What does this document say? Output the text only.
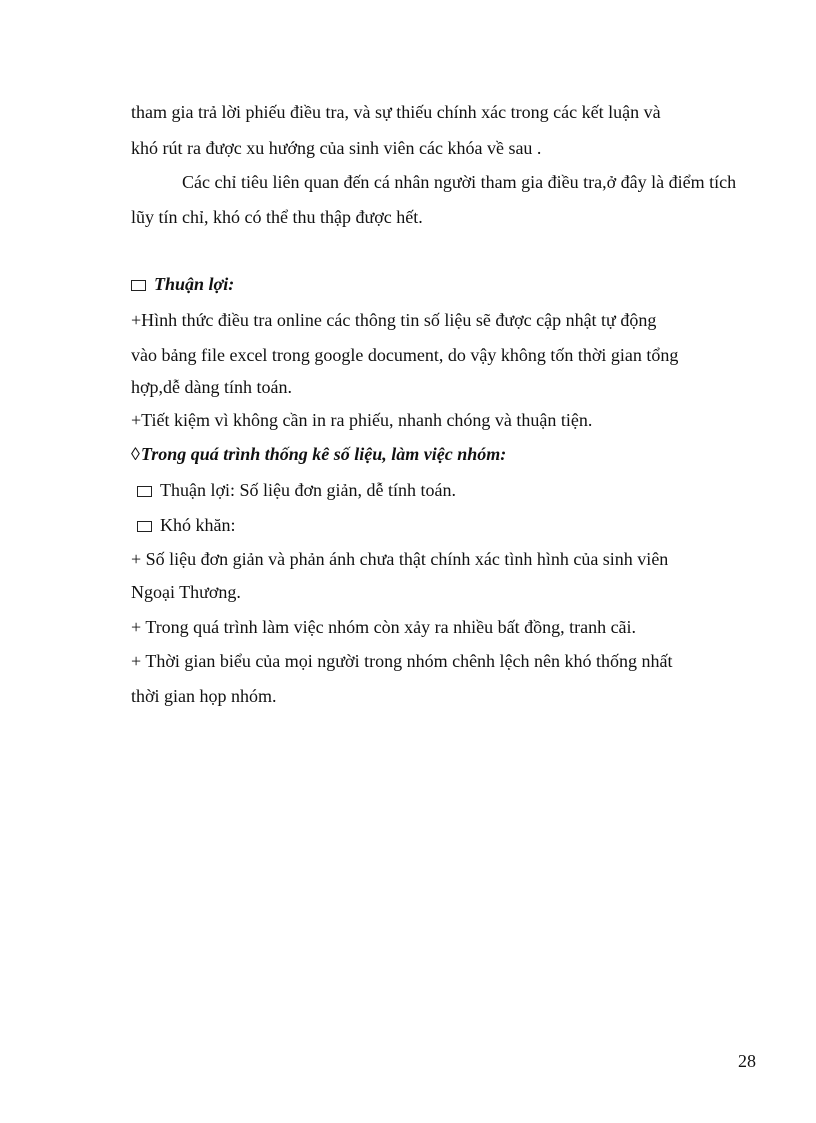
tham gia trả lời phiếu điều tra, và sự thiếu chính xác trong các kết luận và
khó rút ra được xu hướng của sinh viên các khóa về sau .
Các chỉ tiêu liên quan đến cá nhân người tham gia điều tra,ở đây là điểm tích
lũy tín chỉ, khó có thể thu thập được hết.
Thuận lợi:
+Hình thức điều tra online các thông tin số liệu sẽ được cập nhật tự động
vào bảng file excel trong google document, do vậy không tốn thời gian tổng
hợp,dễ dàng tính toán.
+Tiết kiệm vì không cần in ra phiếu, nhanh chóng và thuận tiện.
◊Trong quá trình thống kê số liệu, làm việc nhóm:
Thuận lợi: Số liệu đơn giản, dễ tính toán.
Khó khăn:
+ Số liệu đơn giản và phản ánh chưa thật chính xác tình hình của sinh viên
Ngoại Thương.
+ Trong quá trình làm việc nhóm còn xảy ra nhiều bất đồng, tranh cãi.
+ Thời gian biểu của mọi người trong nhóm chênh lệch nên khó thống nhất
thời gian họp nhóm.
28
